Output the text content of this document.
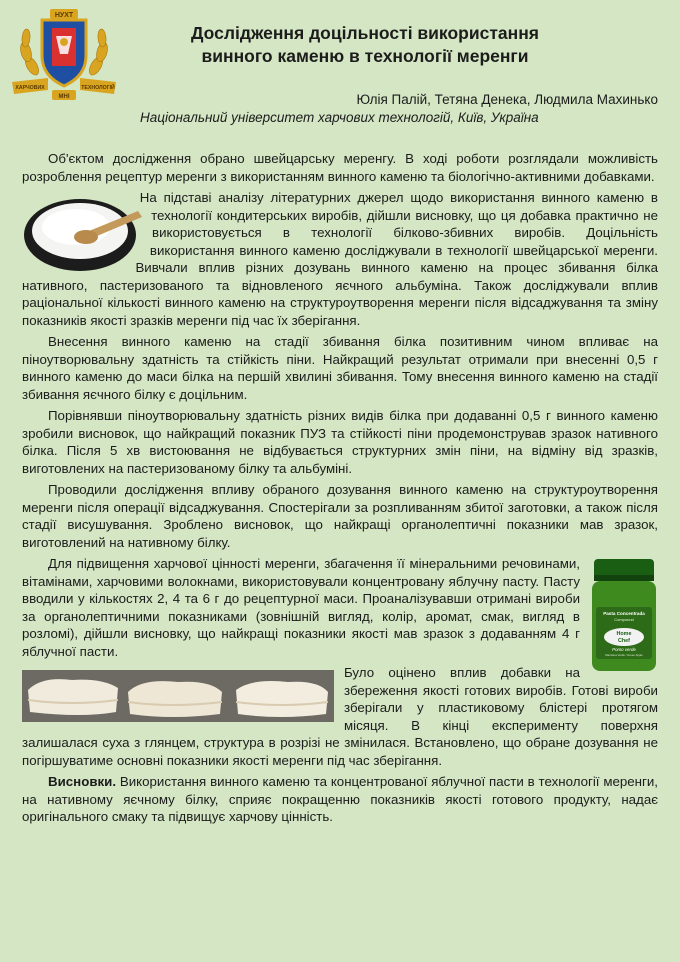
НУХТ
ХАРЧОВИХ	ТЕХНОЛОГІЙ
МНІ
Дослідження доцільності використання
винного каменю в технології меренги
Юлія Палій, Тетяна Денека, Людмила Махинько
Національний університет харчових технологій, Київ, Україна

Об'єктом дослідження обрано швейцарську меренгу. В ході роботи розглядали можливість розроблення рецептур меренги з використанням винного каменю та біологічно-активними добавками.

На підставі аналізу літературних джерел щодо використання винного каменю в технології кондитерських виробів, дійшли висновку, що ця добавка практично не використовується в технології білково-збивних виробів. Доцільність використання винного каменю досліджували в технології швейцарської меренги. Вивчали вплив різних дозувань винного каменю на процес збивання білка нативного, пастеризованого та відновленого яєчного альбуміна. Також досліджували вплив раціональної кількості винного каменю на структуроутворення меренги після відсаджування та зміну показників якості зразків меренги під час їх зберігання.

Внесення винного каменю на стадії збивання білка позитивним чином впливає на піноутворювальну здатність та стійкість піни. Найкращий результат отримали при внесенні 0,5 г винного каменю до маси білка на першій хвилині збивання. Тому внесення винного каменю на стадії збивання яєчного білку є доцільним.

Порівнявши піноутворювальну здатність різних видів білка при додаванні 0,5 г винного каменю зробили висновок, що найкращий показник ПУЗ та стійкості піни продемонстрував зразок нативного білка. Після 5 хв вистоювання не відбувається структурних змін піни, на відміну від зразків, виготовлених на пастеризованому білку та альбуміні.

Проводили дослідження впливу обраного дозування винного каменю на структуроутворення меренги після операції відсаджування. Спостерігали за розпливанням збитої заготовки, а також після стадії висушування. Зроблено висновок, що найкращі органолептичні показники мав зразок, виготовлений на нативному білку.

Pasta Concentrada
Compound
Home
Chef
Pomo verde
Manzana Verde / Green Apple

Для підвищення харчової цінності меренги, збагачення її мінеральними речовинами, вітамінами, харчовими волокнами, використовували концентровану яблучну пасту. Пасту вводили у кількостях 2, 4 та 6 г до рецептурної маси. Проаналізувавши отримані вироби за органолептичними показниками (зовнішній вигляд, колір, аромат, смак, вигляд в розломі), дійшли висновку, що найкращі показники якості мав зразок з додаванням 4 г яблучної пасти.

Було оцінено вплив добавки на збереження якості готових виробів. Готові вироби зберігали у пластиковому блістері протягом місяця. В кінці експерименту поверхня залишалася суха з глянцем, структура в розрізі не змінилася. Встановлено, що обране дозування не погіршуватиме основні показники якості меренги під час зберігання.

Висновки. Використання винного каменю та концентрованої яблучної пасти в технології меренги, на нативному яєчному білку, сприяє покращенню показників якості готового продукту, надає оригінального смаку та підвищує харчову цінність.
